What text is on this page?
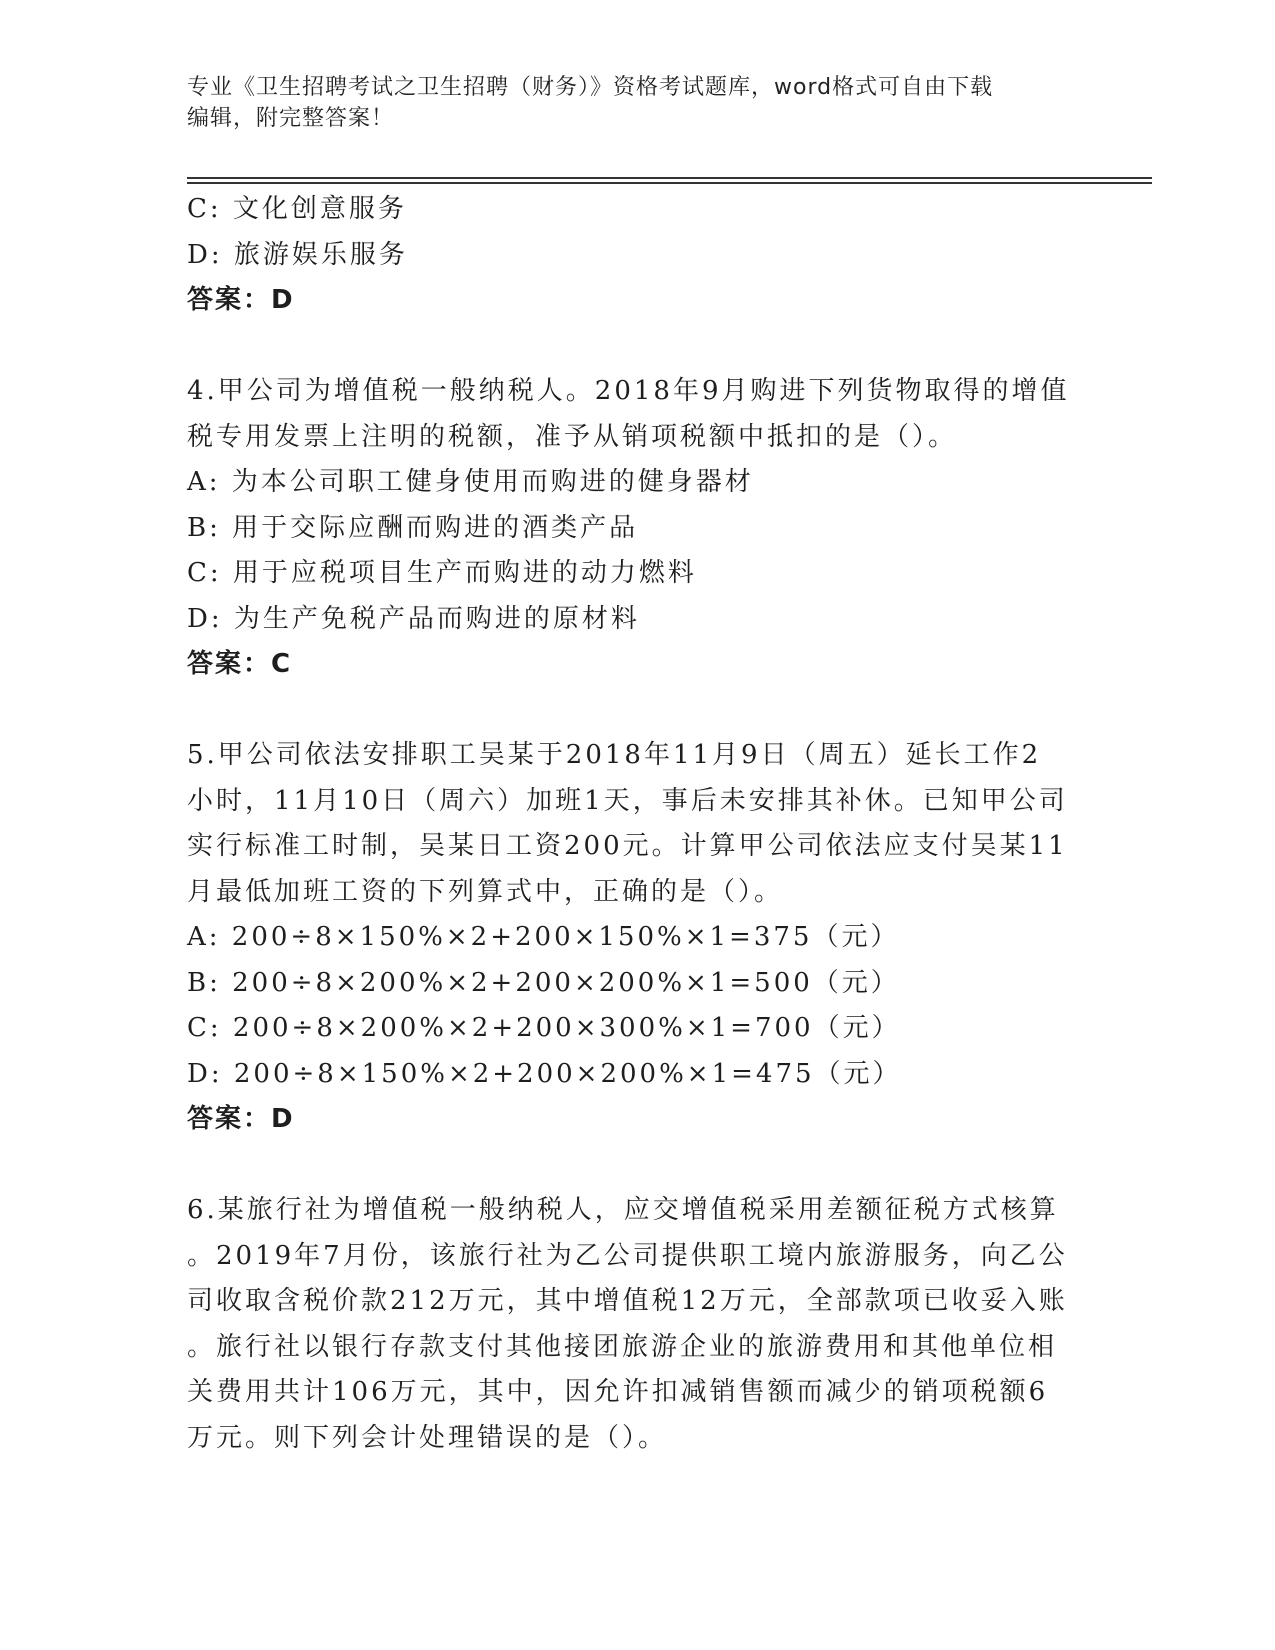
专业《卫生招聘考试之卫生招聘（财务）》资格考试题库，word格式可自由下载
编辑，附完整答案！
C: 文化创意服务
D: 旅游娱乐服务
答案：D
4.甲公司为增值税一般纳税人。2018年9月购进下列货物取得的增值
税专用发票上注明的税额，准予从销项税额中抵扣的是（）。
A: 为本公司职工健身使用而购进的健身器材
B: 用于交际应酬而购进的酒类产品
C: 用于应税项目生产而购进的动力燃料
D: 为生产免税产品而购进的原材料
答案：C
5.甲公司依法安排职工吴某于2018年11月9日（周五）延长工作2
小时，11月10日（周六）加班1天，事后未安排其补休。已知甲公司
实行标准工时制，吴某日工资200元。计算甲公司依法应支付吴某11
月最低加班工资的下列算式中，正确的是（）。
A: 200÷8×150%×2+200×150%×1=375（元）
B: 200÷8×200%×2+200×200%×1=500（元）
C: 200÷8×200%×2+200×300%×1=700（元）
D: 200÷8×150%×2+200×200%×1=475（元）
答案：D
6.某旅行社为增值税一般纳税人，应交增值税采用差额征税方式核算
。2019年7月份，该旅行社为乙公司提供职工境内旅游服务，向乙公
司收取含税价款212万元，其中增值税12万元，全部款项已收妥入账
。旅行社以银行存款支付其他接团旅游企业的旅游费用和其他单位相
关费用共计106万元，其中，因允许扣减销售额而减少的销项税额6
万元。则下列会计处理错误的是（）。
